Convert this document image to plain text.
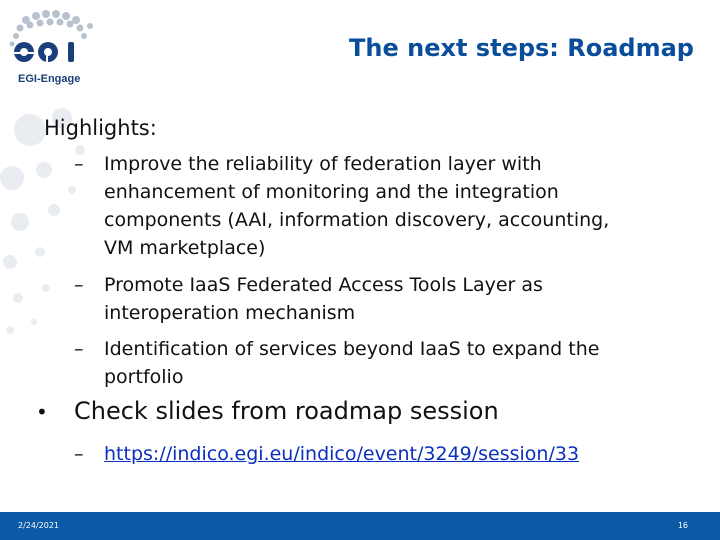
EGI-Engage
The next steps: Roadmap
Highlights:
– Improve the reliability of federation layer with
enhancement of monitoring and the integration
components (AAI, information discovery, accounting,
VM marketplace)
– Promote IaaS Federated Access Tools Layer as
interoperation mechanism
– Identification of services beyond IaaS to expand the
portfolio
• Check slides from roadmap session
– https://indico.egi.eu/indico/event/3249/session/33
2/24/2021	16
